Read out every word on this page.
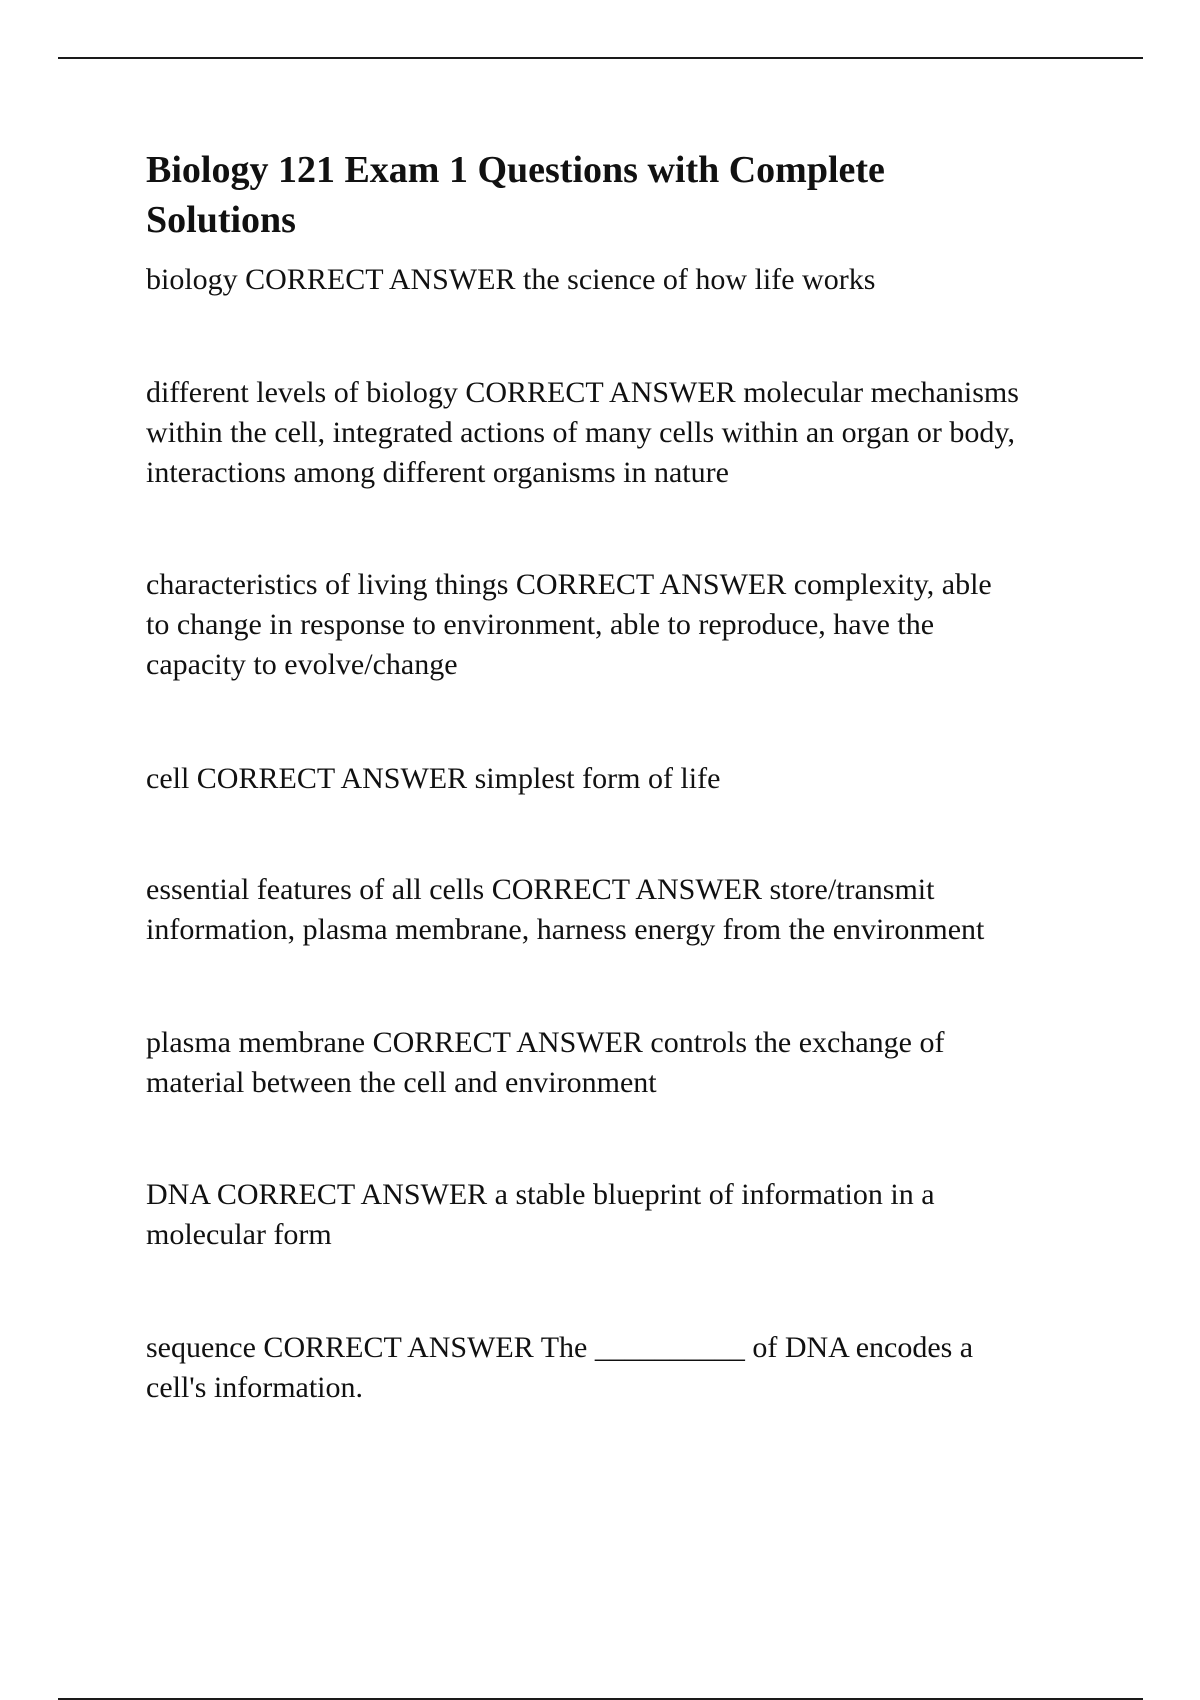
Biology 121 Exam 1 Questions with Complete Solutions

biology CORRECT ANSWER the science of how life works

different levels of biology CORRECT ANSWER molecular mechanisms
within the cell, integrated actions of many cells within an organ or body,
interactions among different organisms in nature

characteristics of living things CORRECT ANSWER complexity, able
to change in response to environment, able to reproduce, have the
capacity to evolve/change

cell CORRECT ANSWER simplest form of life

essential features of all cells CORRECT ANSWER store/transmit
information, plasma membrane, harness energy from the environment

plasma membrane CORRECT ANSWER controls the exchange of
material between the cell and environment

DNA CORRECT ANSWER a stable blueprint of information in a
molecular form

sequence CORRECT ANSWER The __________ of DNA encodes a
cell's information.
